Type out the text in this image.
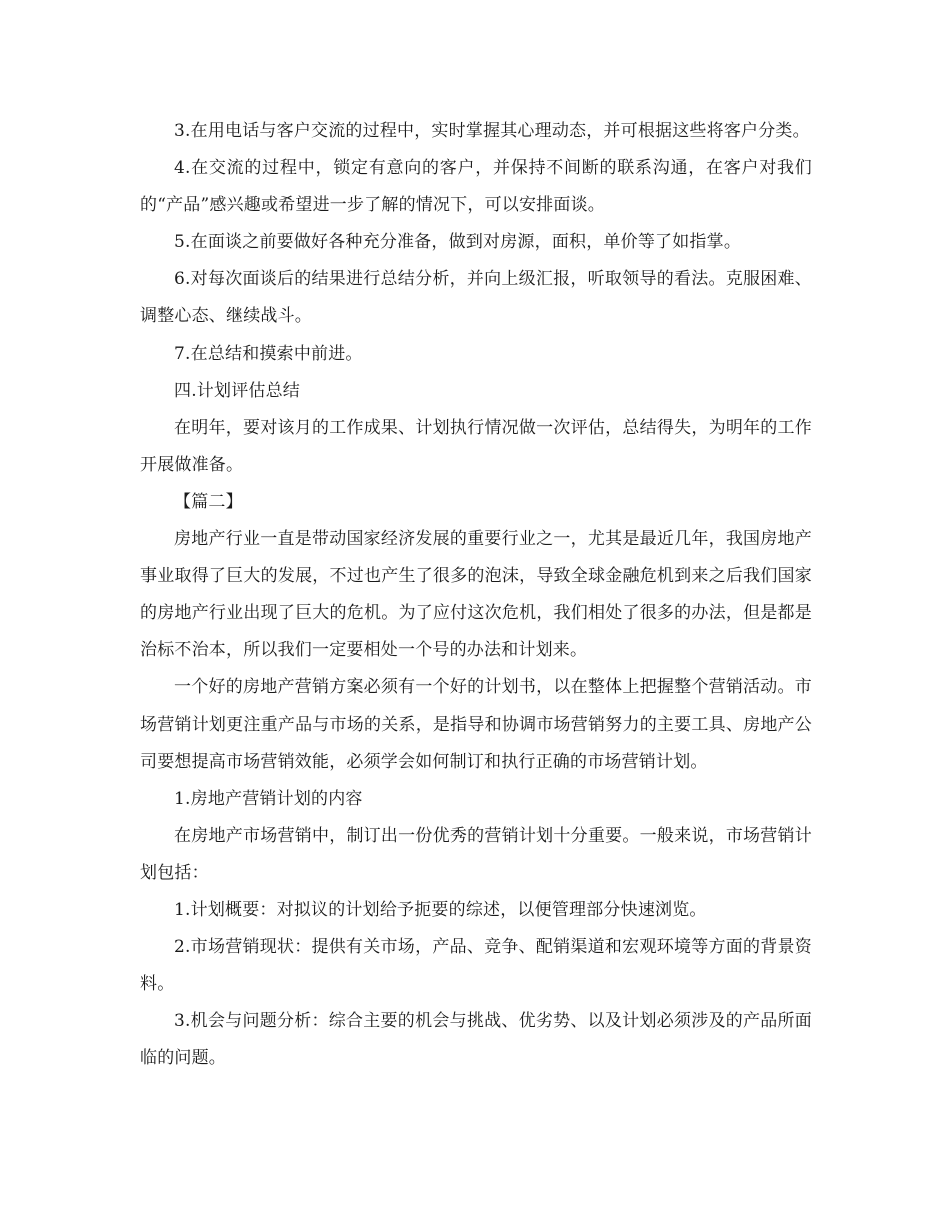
3.在用电话与客户交流的过程中，实时掌握其心理动态，并可根据这些将客户分类。

4.在交流的过程中，锁定有意向的客户，并保持不间断的联系沟通，在客户对我们的“产品”感兴趣或希望进一步了解的情况下，可以安排面谈。

5.在面谈之前要做好各种充分准备，做到对房源，面积，单价等了如指掌。

6.对每次面谈后的结果进行总结分析，并向上级汇报，听取领导的看法。克服困难、调整心态、继续战斗。

7.在总结和摸索中前进。

四.计划评估总结

在明年，要对该月的工作成果、计划执行情况做一次评估，总结得失，为明年的工作开展做准备。

【篇二】

房地产行业一直是带动国家经济发展的重要行业之一，尤其是最近几年，我国房地产事业取得了巨大的发展，不过也产生了很多的泡沫，导致全球金融危机到来之后我们国家的房地产行业出现了巨大的危机。为了应付这次危机，我们相处了很多的办法，但是都是治标不治本，所以我们一定要相处一个号的办法和计划来。

一个好的房地产营销方案必须有一个好的计划书，以在整体上把握整个营销活动。市场营销计划更注重产品与市场的关系，是指导和协调市场营销努力的主要工具、房地产公司要想提高市场营销效能，必须学会如何制订和执行正确的市场营销计划。

1.房地产营销计划的内容

在房地产市场营销中，制订出一份优秀的营销计划十分重要。一般来说，市场营销计划包括：

1.计划概要：对拟议的计划给予扼要的综述，以便管理部分快速浏览。

2.市场营销现状：提供有关市场，产品、竞争、配销渠道和宏观环境等方面的背景资料。

3.机会与问题分析：综合主要的机会与挑战、优劣势、以及计划必须涉及的产品所面临的问题。
